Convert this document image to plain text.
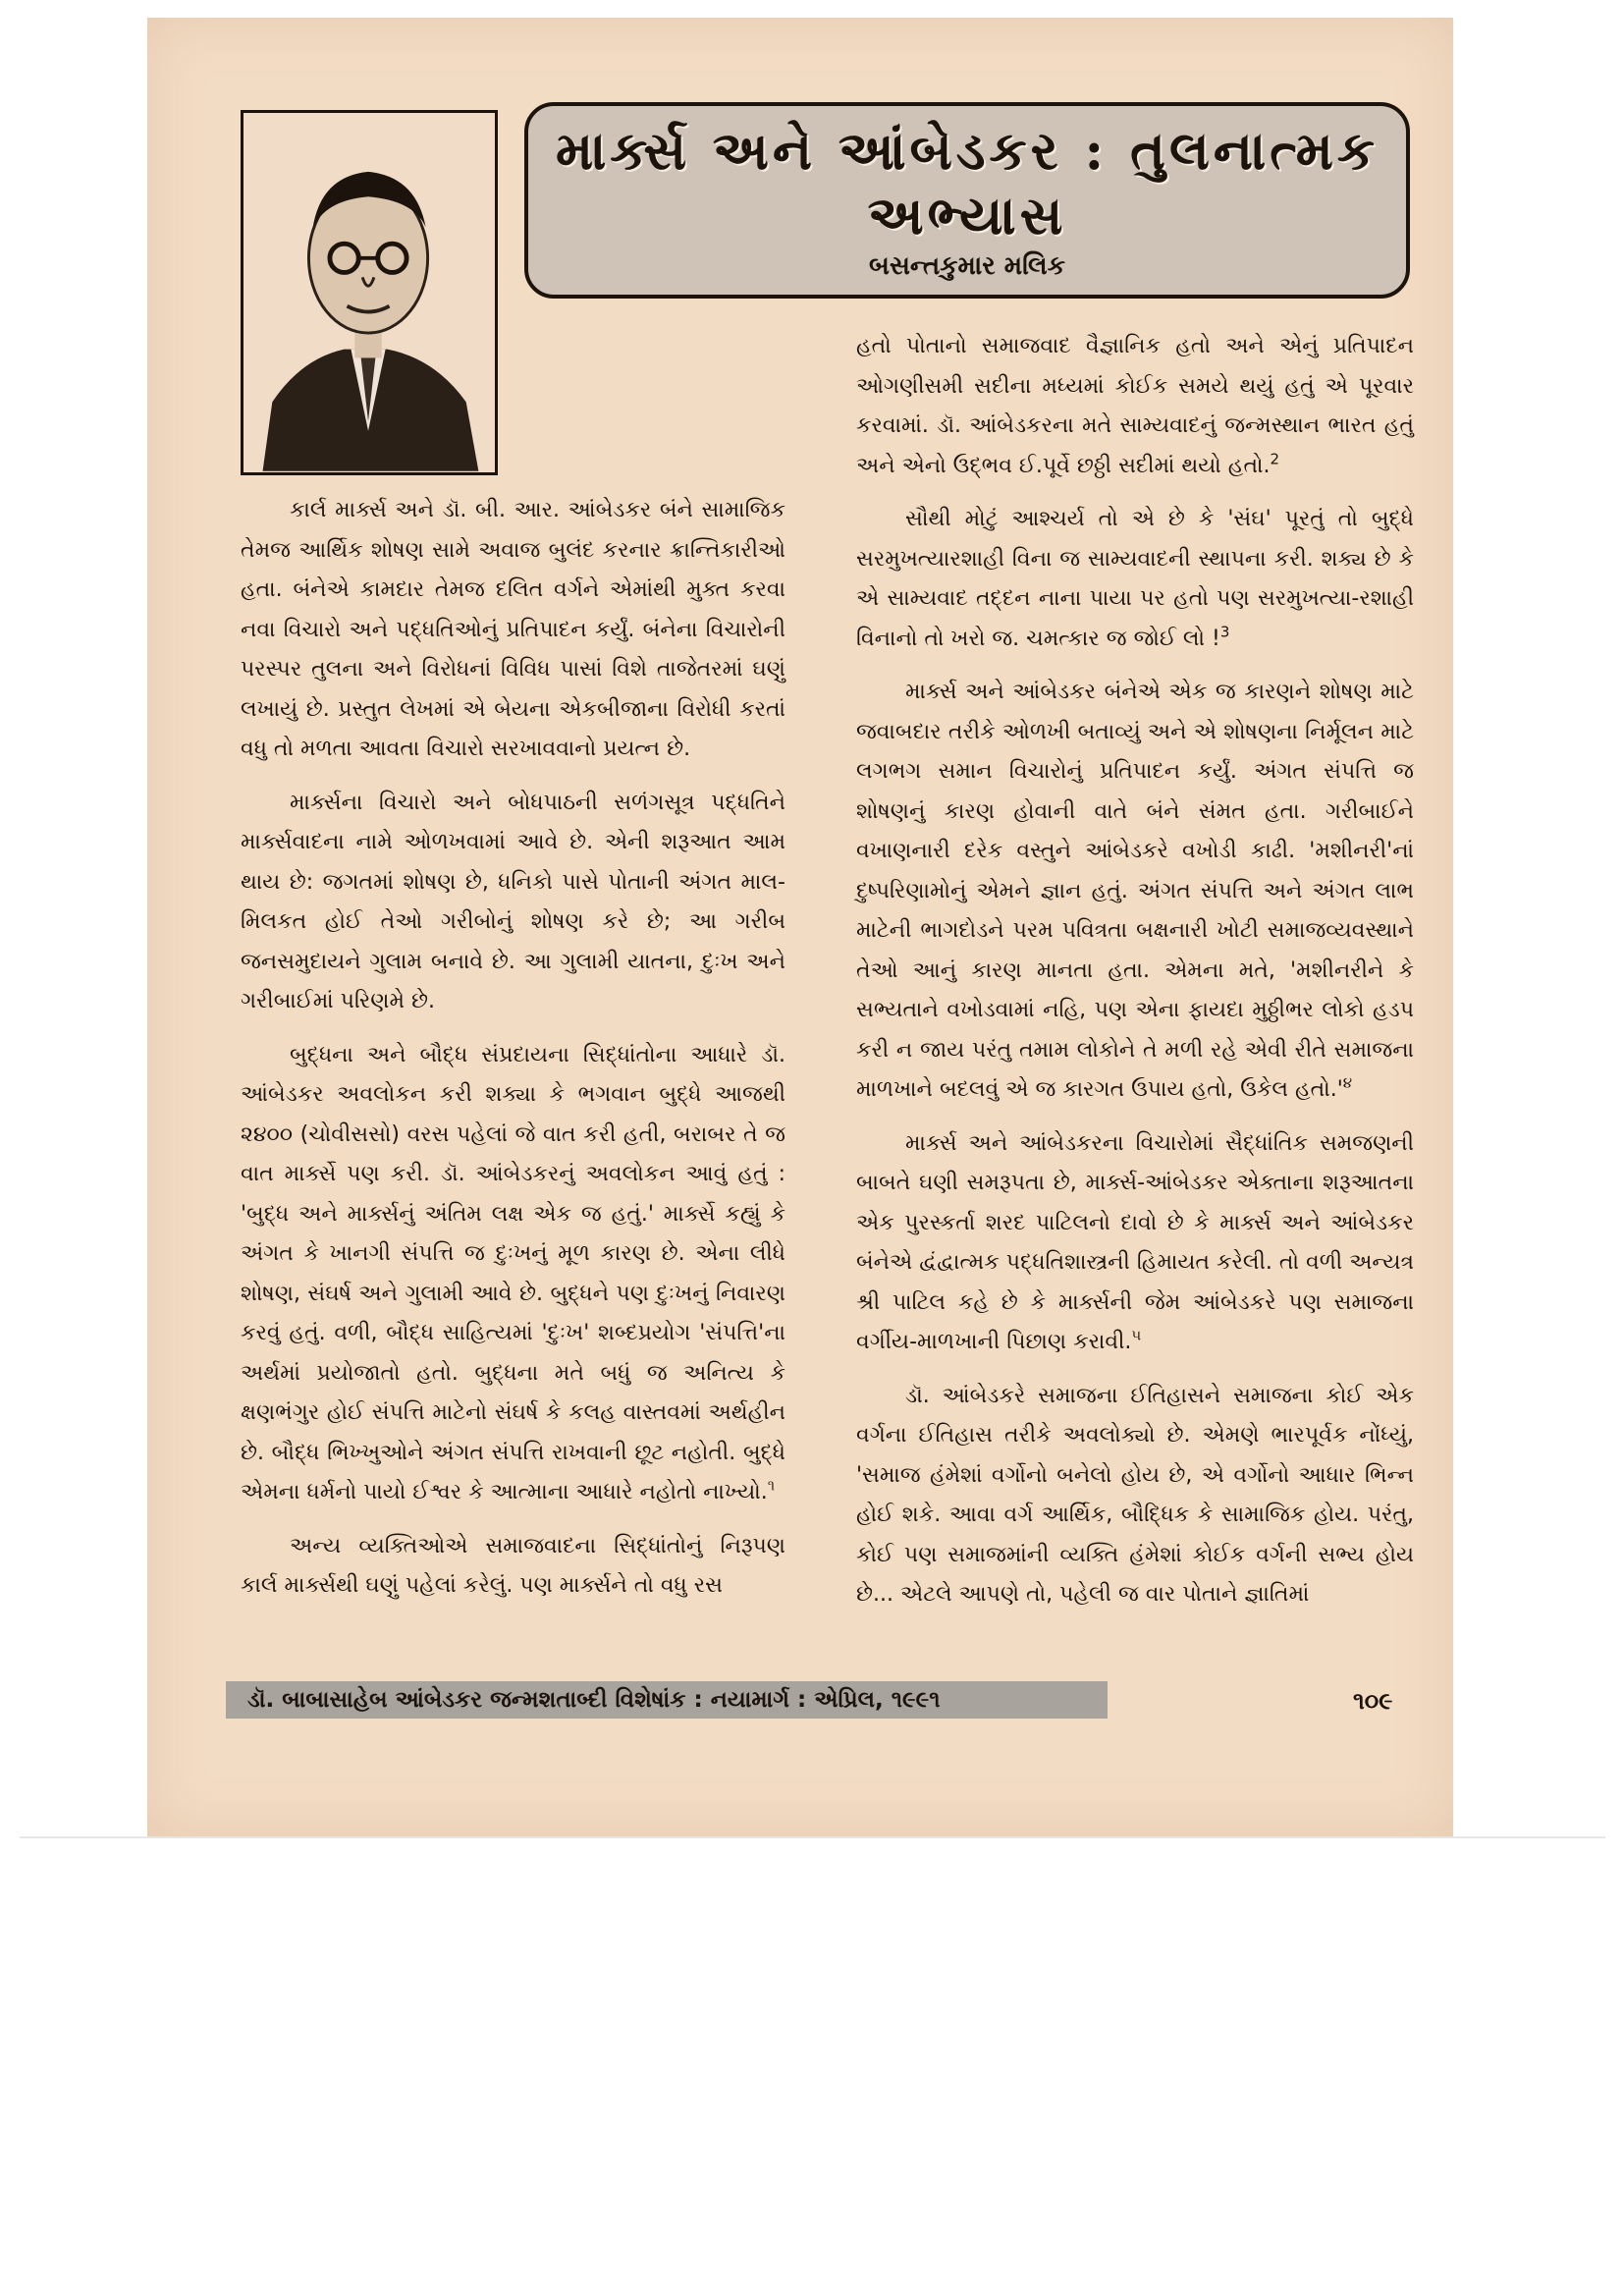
માર્ક્સ અને આંબેડકર : તુલનાત્મક
અભ્યાસ
બસન્તકુમાર મલિક

કાર્લ માર્ક્સ અને ડૉ. બી. આર. આંબેડકર બંને સામાજિક તેમજ આર્થિક શોષણ સામે અવાજ બુલંદ કરનાર ક્રાન્તિકારીઓ હતા. બંનેએ કામદાર તેમજ દલિત વર્ગને એમાંથી મુક્ત કરવા નવા વિચારો અને પદ્ધતિઓનું પ્રતિપાદન કર્યું. બંનેના વિચારોની પરસ્પર તુલના અને વિરોધનાં વિવિધ પાસાં વિશે તાજેતરમાં ઘણું લખાયું છે. પ્રસ્તુત લેખમાં એ બેયના એકબીજાના વિરોધી કરતાં વધુ તો મળતા આવતા વિચારો સરખાવવાનો પ્રયત્ન છે.

માર્ક્સના વિચારો અને બોધપાઠની સળંગસૂત્ર પદ્ધતિને માર્ક્સવાદના નામે ઓળખવામાં આવે છે. એની શરૂઆત આમ થાય છે: જગતમાં શોષણ છે, ધનિકો પાસે પોતાની અંગત માલ-મિલકત હોઈ તેઓ ગરીબોનું શોષણ કરે છે; આ ગરીબ જનસમુદાયને ગુલામ બનાવે છે. આ ગુલામી યાતના, દુઃખ અને ગરીબાઈમાં પરિણમે છે.

બુદ્ધના અને બૌદ્ધ સંપ્રદાયના સિદ્ધાંતોના આધારે ડૉ. આંબેડકર અવલોકન કરી શક્યા કે ભગવાન બુદ્ધે આજથી ૨૪૦૦ (ચોવીસસો) વરસ પહેલાં જે વાત કરી હતી, બરાબર તે જ વાત માર્ક્સે પણ કરી. ડૉ. આંબેડકરનું અવલોકન આવું હતું : 'બુદ્ધ અને માર્ક્સનું અંતિમ લક્ષ એક જ હતું.' માર્ક્સે કહ્યું કે અંગત કે ખાનગી સંપત્તિ જ દુઃખનું મૂળ કારણ છે. એના લીધે શોષણ, સંઘર્ષ અને ગુલામી આવે છે. બુદ્ધને પણ દુઃખનું નિવારણ કરવું હતું. વળી, બૌદ્ધ સાહિત્યમાં 'દુઃખ' શબ્દપ્રયોગ 'સંપત્તિ'ના અર્થમાં પ્રયોજાતો હતો. બુદ્ધના મતે બધું જ અનિત્ય કે ક્ષણભંગુર હોઈ સંપત્તિ માટેનો સંઘર્ષ કે કલહ વાસ્તવમાં અર્થહીન છે. બૌદ્ધ ભિખ્ખુઓને અંગત સંપત્તિ રાખવાની છૂટ નહોતી. બુદ્ધે એમના ધર્મનો પાયો ઈશ્વર કે આત્માના આધારે નહોતો નાખ્યો.$^૧$

અન્ય વ્યક્તિઓએ સમાજવાદના સિદ્ધાંતોનું નિરૂપણ કાર્લ માર્ક્સથી ઘણું પહેલાં કરેલું. પણ માર્ક્સને તો વધુ રસ

હતો પોતાનો સમાજવાદ વૈજ્ઞાનિક હતો અને એનું પ્રતિપાદન ઓગણીસમી સદીના મધ્યમાં કોઈક સમયે થયું હતું એ પૂરવાર કરવામાં. ડૉ. આંબેડકરના મતે સામ્યવાદનું જન્મસ્થાન ભારત હતું અને એનો ઉદ્ભવ ઈ.પૂર્વે છઠ્ઠી સદીમાં થયો હતો.$^2$

સૌથી મોટું આશ્ચર્ય તો એ છે કે 'સંઘ' પૂરતું તો બુદ્ધે સરમુખત્યારશાહી વિના જ સામ્યવાદની સ્થાપના કરી. શક્ય છે કે એ સામ્યવાદ તદ્દન નાના પાયા પર હતો પણ સરમુખત્યા-રશાહી વિનાનો તો ખરો જ. ચમત્કાર જ જોઈ લો !$^3$

માર્ક્સ અને આંબેડકર બંનેએ એક જ કારણને શોષણ માટે જવાબદાર તરીકે ઓળખી બતાવ્યું અને એ શોષણના નિર્મૂલન માટે લગભગ સમાન વિચારોનું પ્રતિપાદન કર્યું. અંગત સંપત્તિ જ શોષણનું કારણ હોવાની વાતે બંને સંમત હતા. ગરીબાઈને વખાણનારી દરેક વસ્તુને આંબેડકરે વખોડી કાઢી. 'મશીનરી'નાં દુષ્પરિણામોનું એમને જ્ઞાન હતું. અંગત સંપત્તિ અને અંગત લાભ માટેની ભાગદોડને પરમ પવિત્રતા બક્ષનારી ખોટી સમાજવ્યવસ્થાને તેઓ આનું કારણ માનતા હતા. એમના મતે, 'મશીનરીને કે સભ્યતાને વખોડવામાં નહિ, પણ એના ફાયદા મુઠ્ઠીભર લોકો હડપ કરી ન જાય પરંતુ તમામ લોકોને તે મળી રહે એવી રીતે સમાજના માળખાને બદલવું એ જ કારગત ઉપાય હતો, ઉકેલ $હતો.'^૪$

માર્ક્સ અને આંબેડકરના વિચારોમાં સૈદ્ધાંતિક સમજણની બાબતે ઘણી સમરૂપતા છે, માર્ક્સ-આંબેડકર એક્તાના શરૂઆતના એક પુરસ્કર્તા શરદ પાટિલનો દાવો છે કે માર્ક્સ અને આંબેડકર બંનેએ દ્વંદ્વાત્મક પદ્ધતિશાસ્ત્રની હિમાયત કરેલી. તો વળી અન્યત્ર શ્રી પાટિલ કહે છે કે માર્ક્સની જેમ આંબેડકરે પણ સમાજના વર્ગીય-માળખાની પિછાણ કરાવી.$^૫$

ડૉ. આંબેડકરે સમાજના ઈતિહાસને સમાજના કોઈ એક વર્ગના ઈતિહાસ તરીકે અવલોક્યો છે. એમણે ભારપૂર્વક નોંધ્યું, 'સમાજ હંમેશાં વર્ગોનો બનેલો હોય છે, એ વર્ગોનો આધાર ભિન્ન હોઈ શકે. આવા વર્ગ આર્થિક, બૌદ્ધિક કે સામાજિક હોય. પરંતુ, કોઈ પણ સમાજમાંની વ્યક્તિ હંમેશાં કોઈક વર્ગની સભ્ય હોય છે... એટલે આપણે તો, પહેલી જ વાર પોતાને જ્ઞાતિમાં

ડૉ. બાબાસાહેબ આંબેડકર જન્મશતાબ્દી વિશેષાંક : નયામાર્ગ : એપ્રિલ, ૧૯૯૧	૧૦૯
